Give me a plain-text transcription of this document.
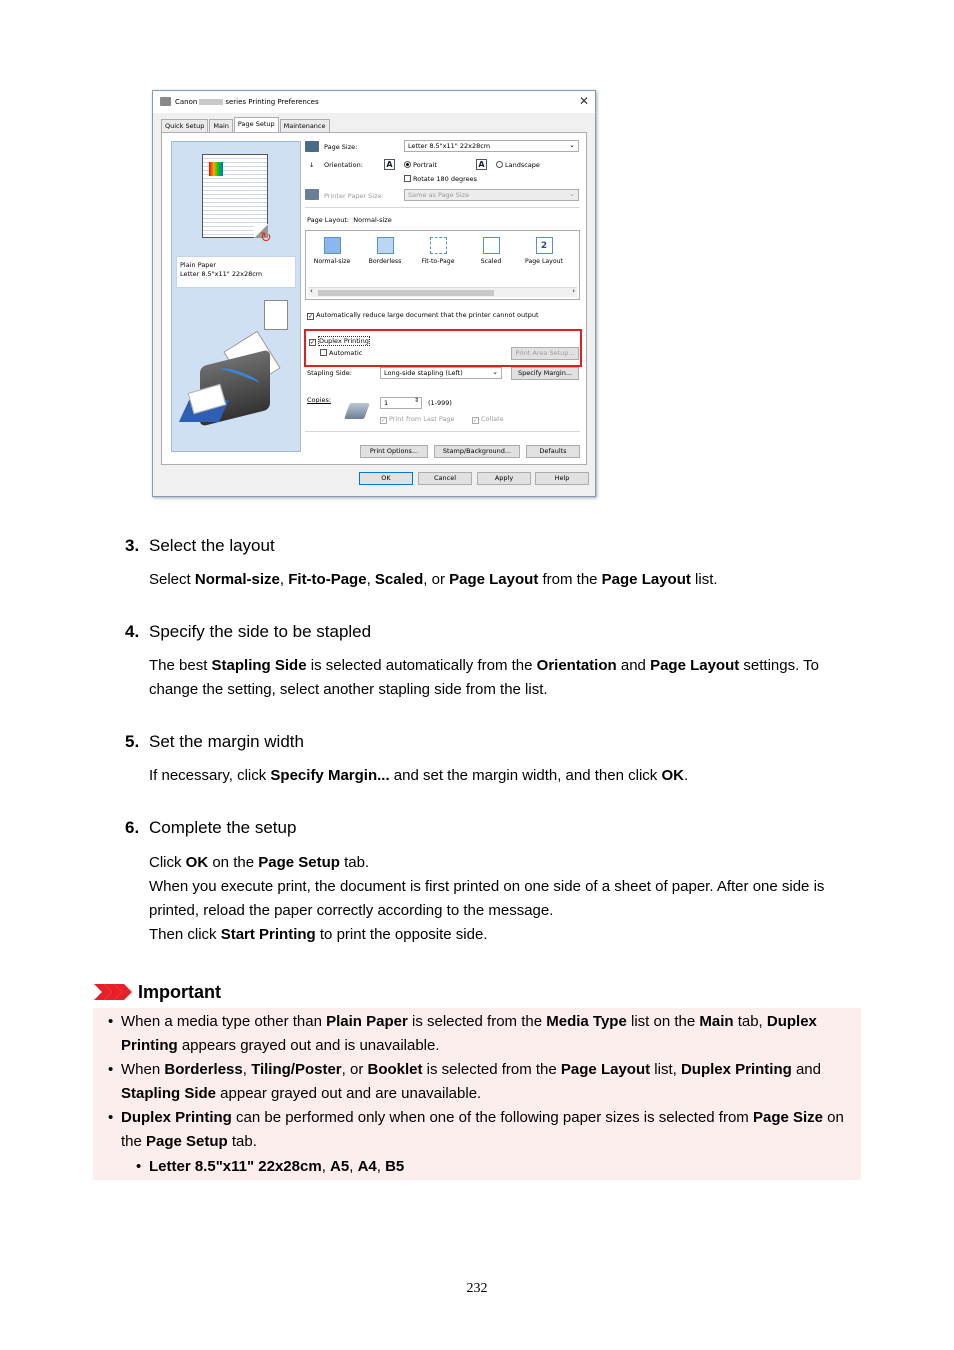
Canon	series Printing Preferences	✕
Quick Setup	Main	Page Setup	Maintenance
↻
Plain Paper
Letter 8.5"x11" 22x28cm
Page Size:	Letter 8.5"x11" 22x28cm	⌄
↓ Orientation:	A	Portrait	A	Landscape
Rotate 180 degrees
Printer Paper Size:	Same as Page Size	⌄
Page Layout: Normal-size
Normal-size	Borderless	Fit-to-Page	Scaled
2
Page Layout
‹	›
✓ Automatically reduce large document that the printer cannot output
✓ Duplex Printing
Automatic	Print Area Setup...
Stapling Side:	Long-side stapling (Left)	⌄	Specify Margin...
Copies:	1	⇕ (1-999)
✓ Print from Last Page	✓ Collate
Print Options...	Stamp/Background...	Defaults
OK	Cancel	Apply	Help
3. Select the layout
Select Normal-size, Fit-to-Page, Scaled, or Page Layout from the Page Layout list.
4. Specify the side to be stapled
The best Stapling Side is selected automatically from the Orientation and Page Layout settings. To change the setting, select another stapling side from the list.
5. Set the margin width
If necessary, click Specify Margin... and set the margin width, and then click OK.
6. Complete the setup
Click OK on the Page Setup tab.
When you execute print, the document is first printed on one side of a sheet of paper. After one side is printed, reload the paper correctly according to the message.
Then click Start Printing to print the opposite side.
Important
• When a media type other than Plain Paper is selected from the Media Type list on the Main tab, Duplex Printing appears grayed out and is unavailable.
• When Borderless, Tiling/Poster, or Booklet is selected from the Page Layout list, Duplex Printing and Stapling Side appear grayed out and are unavailable.
• Duplex Printing can be performed only when one of the following paper sizes is selected from Page Size on the Page Setup tab.
• Letter 8.5"x11" 22x28cm, A5, A4, B5
232
